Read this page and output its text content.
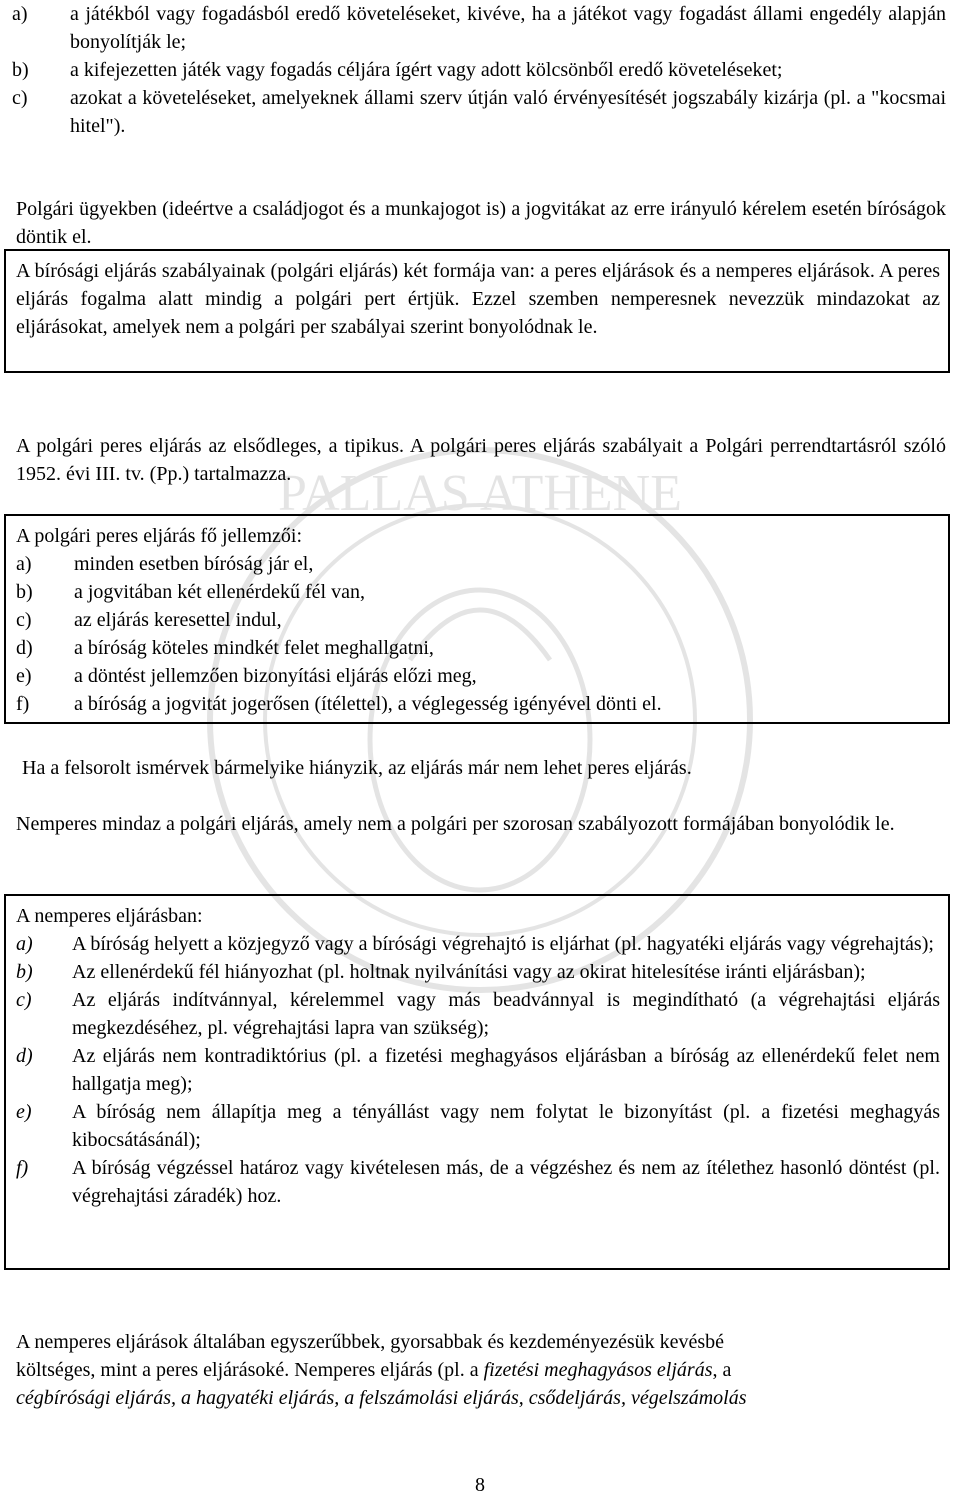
PALLAS ATHENE
a)	a játékból vagy fogadásból eredő követeléseket, kivéve, ha a játékot vagy fogadást állami engedély alapján bonyolítják le;
b)	a kifejezetten játék vagy fogadás céljára ígért vagy adott kölcsönből eredő követeléseket;
c)	azokat a követeléseket, amelyeknek állami szerv útján való érvényesítését jogszabály kizárja (pl. a "kocsmai hitel").
Polgári ügyekben (ideértve a családjogot és a munkajogot is) a jogvitákat az erre irányuló kérelem esetén bíróságok döntik el.
A bírósági eljárás szabályainak (polgári eljárás) két formája van: a peres eljárások és a nemperes eljárások. A peres eljárás fogalma alatt mindig a polgári pert értjük. Ezzel szemben nemperesnek nevezzük mindazokat az eljárásokat, amelyek nem a polgári per szabályai szerint bonyolódnak le.
A polgári peres eljárás az elsődleges, a tipikus. A polgári peres eljárás szabályait a Polgári perrendtartásról szóló 1952. évi III. tv. (Pp.) tartalmazza.
A polgári peres eljárás fő jellemzői:
a)	minden esetben bíróság jár el,
b)	a jogvitában két ellenérdekű fél van,
c)	az eljárás keresettel indul,
d)	a bíróság köteles mindkét felet meghallgatni,
e)	a döntést jellemzően bizonyítási eljárás előzi meg,
f)	a bíróság a jogvitát jogerősen (ítélettel), a véglegesség igényével dönti el.
Ha a felsorolt ismérvek bármelyike hiányzik, az eljárás már nem lehet peres eljárás.
Nemperes mindaz a polgári eljárás, amely nem a polgári per szorosan szabályozott formájában bonyolódik le.
A nemperes eljárásban:
a)	A bíróság helyett a közjegyző vagy a bírósági végrehajtó is eljárhat (pl. hagyatéki eljárás vagy végrehajtás);
b)	Az ellenérdekű fél hiányozhat (pl. holtnak nyilvánítási vagy az okirat hitelesítése iránti eljárásban);
c)	Az eljárás indítvánnyal, kérelemmel vagy más beadvánnyal is megindítható (a végrehajtási eljárás megkezdéséhez, pl. végrehajtási lapra van szükség);
d)	Az eljárás nem kontradiktórius (pl. a fizetési meghagyásos eljárásban a bíróság az ellenérdekű felet nem hallgatja meg);
e)	A bíróság nem állapítja meg a tényállást vagy nem folytat le bizonyítást (pl. a fizetési meghagyás kibocsátásánál);
f)	A bíróság végzéssel határoz vagy kivételesen más, de a végzéshez és nem az ítélethez hasonló döntést (pl. végrehajtási záradék) hoz.
A nemperes eljárások általában egyszerűbbek, gyorsabbak és kezdeményezésük kevésbé
költséges, mint a peres eljárásoké. Nemperes eljárás (pl. a fizetési meghagyásos eljárás, a
cégbírósági eljárás, a hagyatéki eljárás, a felszámolási eljárás, csődeljárás, végelszámolás
8
